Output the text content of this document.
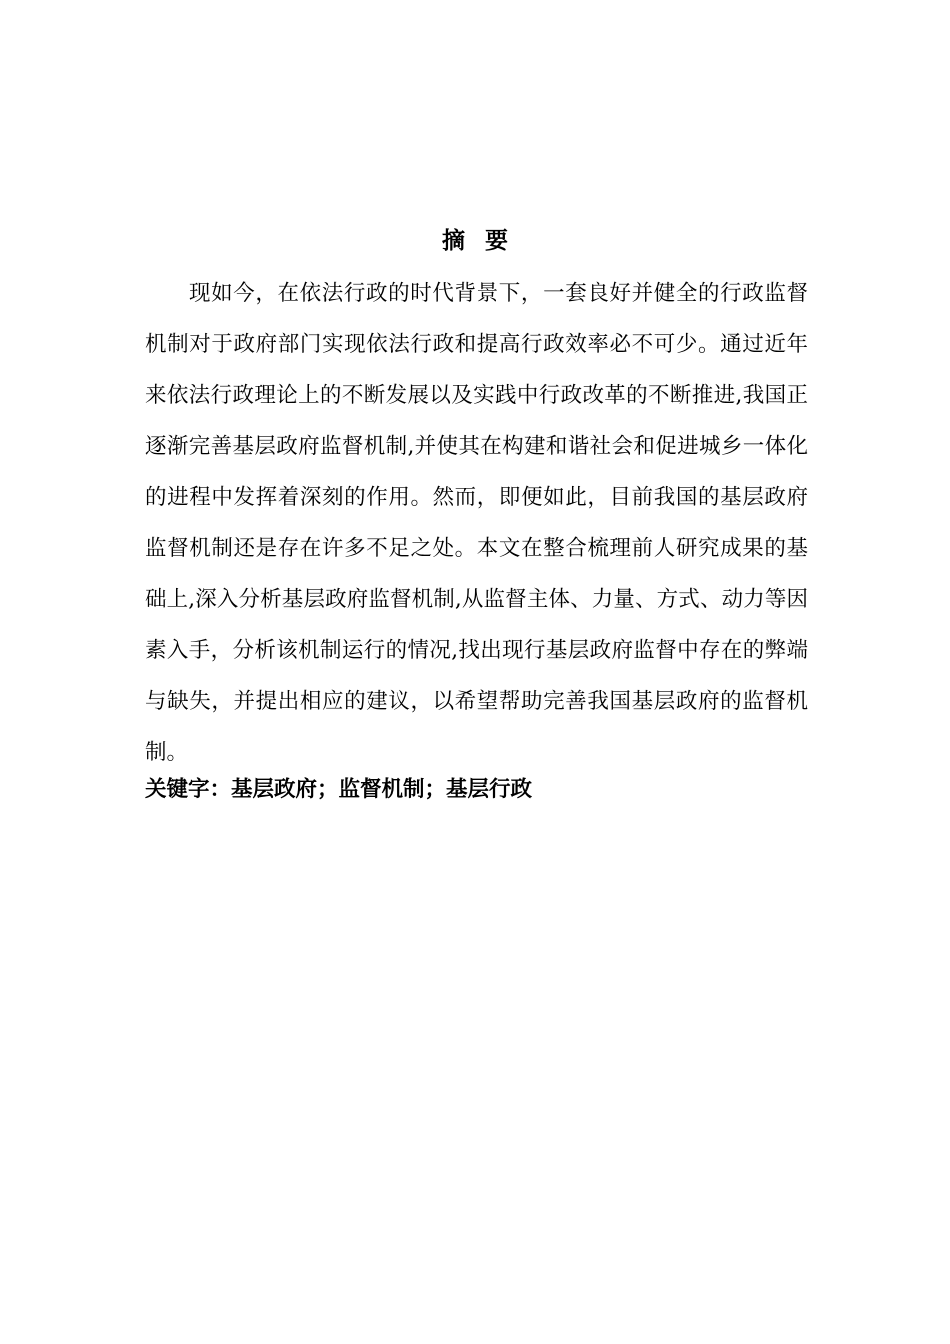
摘要

现如今，在依法行政的时代背景下，一套良好并健全的行政监督机制对于政府部门实现依法行政和提高行政效率必不可少。通过近年来依法行政理论上的不断发展以及实践中行政改革的不断推进,我国正逐渐完善基层政府监督机制,并使其在构建和谐社会和促进城乡一体化的进程中发挥着深刻的作用。然而，即便如此，目前我国的基层政府监督机制还是存在许多不足之处。本文在整合梳理前人研究成果的基础上,深入分析基层政府监督机制,从监督主体、力量、方式、动力等因素入手，分析该机制运行的情况,找出现行基层政府监督中存在的弊端与缺失，并提出相应的建议，以希望帮助完善我国基层政府的监督机制。

关键字：基层政府；监督机制；基层行政
